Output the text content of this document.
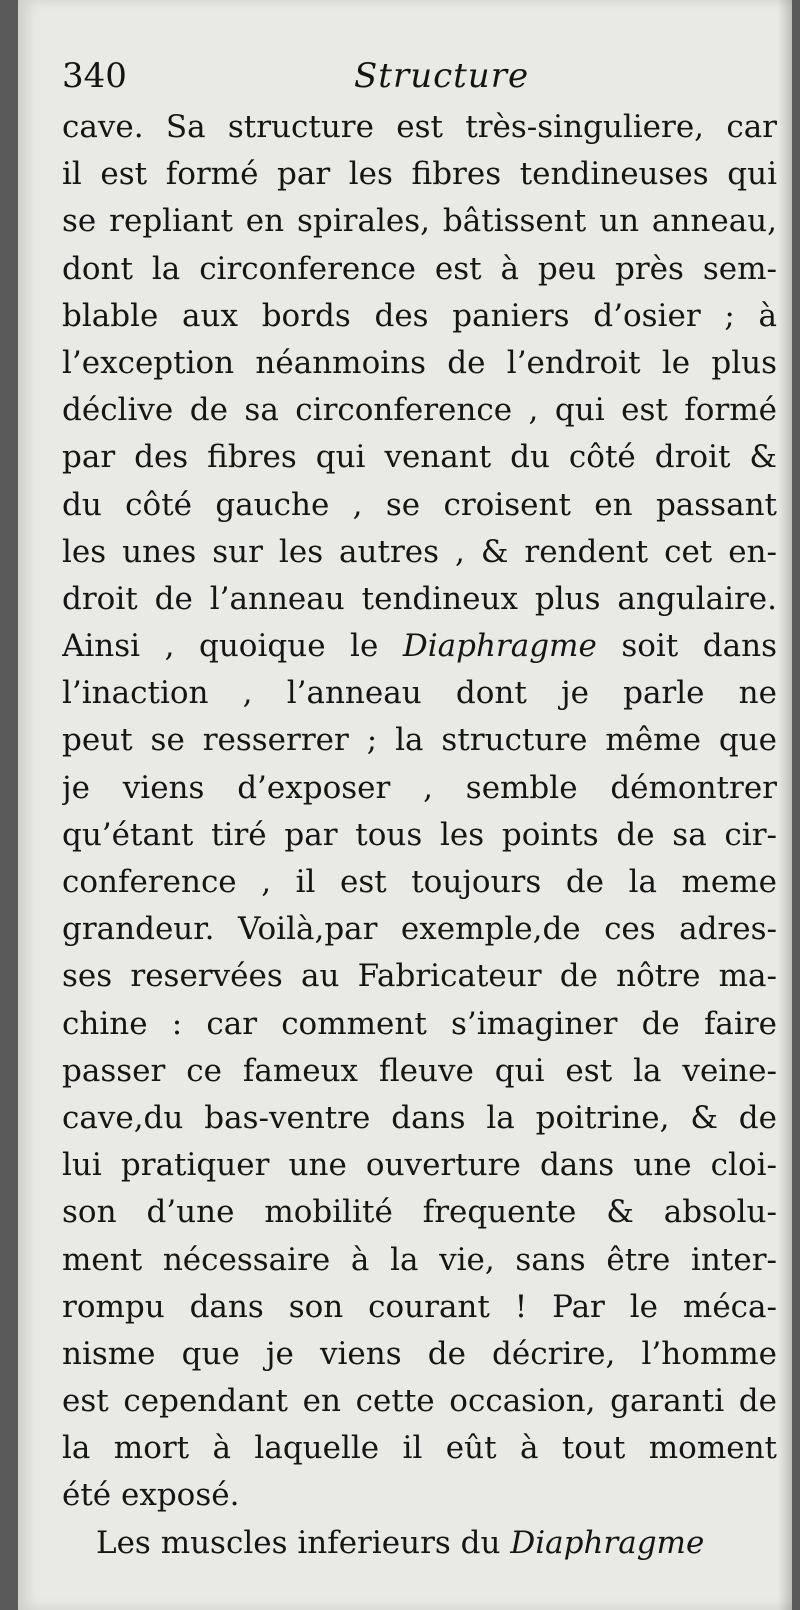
340	Structure
cave. Sa structure est très-singuliere, car
il est formé par les fibres tendineuses qui
se repliant en spirales, bâtissent un anneau,
dont la circonference est à peu près sem-
blable aux bords des paniers d’osier ; à
l’exception néanmoins de l’endroit le plus
déclive de sa circonference , qui est formé
par des fibres qui venant du côté droit &
du côté gauche , se croisent en passant
les unes sur les autres , & rendent cet en-
droit de l’anneau tendineux plus angulaire.
Ainsi , quoique le Diaphragme soit dans
l’inaction , l’anneau dont je parle ne
peut se resserrer ; la structure même que
je viens d’exposer , semble démontrer
qu’étant tiré par tous les points de sa cir-
conference , il est toujours de la meme
grandeur. Voilà,par exemple,de ces adres-
ses reservées au Fabricateur de nôtre ma-
chine : car comment s’imaginer de faire
passer ce fameux fleuve qui est la veine-
cave,du bas-ventre dans la poitrine, & de
lui pratiquer une ouverture dans une cloi-
son d’une mobilité frequente & absolu-
ment nécessaire à la vie, sans être inter-
rompu dans son courant ! Par le méca-
nisme que je viens de décrire, l’homme
est cependant en cette occasion, garanti de
la mort à laquelle il eût à tout moment
été exposé.
Les muscles inferieurs du Diaphragme
